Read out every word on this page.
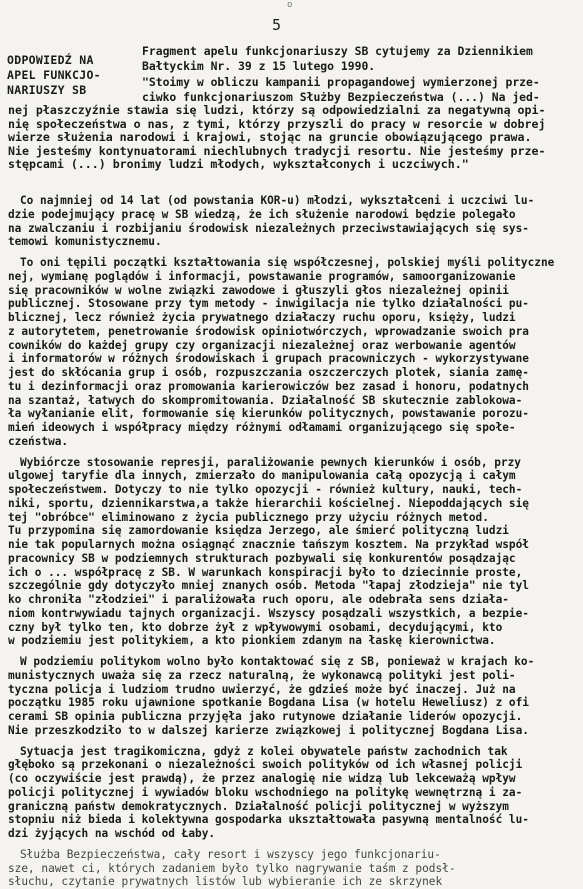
o
5
ODPOWIEDŹ NA
APEL FUNKCJO-
NARIUSZY SB
Fragment apelu funkcjonariuszy SB cytujemy za Dziennikiem
Bałtyckim Nr. 39 z 15 lutego 1990.
"Stoimy w obliczu kampanii propagandowej wymierzonej prze-
ciwko funkcjonariuszom Służby Bezpieczeństwa (...) Na jed-
nej płaszczyźnie stawia się ludzi, którzy są odpowiedzialni za negatywną opi-
nię społeczeństwa o nas, z tymi, którzy przyszli do pracy w resorcie w dobrej
wierze służenia narodowi i krajowi, stojąc na gruncie obowiązującego prawa.
Nie jesteśmy kontynuatorami niechlubnych tradycji resortu. Nie jesteśmy prze-
stępcami (...) bronimy ludzi młodych, wykształconych i uczciwych."
Co najmniej od 14 lat (od powstania KOR-u) młodzi, wykształceni i uczciwi lu-
dzie podejmujący pracę w SB wiedzą, że ich służenie narodowi będzie polegało
na zwalczaniu i rozbijaniu środowisk niezależnych przeciwstawiających się sys-
temowi komunistycznemu.
To oni tępili początki kształtowania się współczesnej, polskiej myśli polityczne
nej, wymianę poglądów i informacji, powstawanie programów, samoorganizowanie
się pracowników w wolne związki zawodowe i głuszyli głos niezależnej opinii
publicznej. Stosowane przy tym metody - inwigilacja nie tylko działalności pu-
blicznej, lecz również życia prywatnego działaczy ruchu oporu, księży, ludzi
z autorytetem, penetrowanie środowisk opiniotwórczych, wprowadzanie swoich pra
cowników do każdej grupy czy organizacji niezależnej oraz werbowanie agentów
i informatorów w różnych środowiskach i grupach pracowniczych - wykorzystywane
jest do skłócania grup i osób, rozpuszczania oszczerczych plotek, siania zamę-
tu i dezinformacji oraz promowania karierowiczów bez zasad i honoru, podatnych
na szantaż, łatwych do skompromitowania. Działalność SB skutecznie zablokowa-
ła wyłanianie elit, formowanie się kierunków politycznych, powstawanie porozu-
mień ideowych i współpracy między różnymi odłamami organizującego się społe-
czeństwa.
Wybiórcze stosowanie represji, paraliżowanie pewnych kierunków i osób, przy
ulgowej taryfie dla innych, zmierzało do manipulowania całą opozycją i całym
społeczeństwem. Dotyczy to nie tylko opozycji - również kultury, nauki, tech-
niki, sportu, dziennikarstwa,a także hierarchii kościelnej. Niepoddających się
tej "obróbce" eliminowano z życia publicznego przy użyciu różnych metod.
Tu przypomina się zamordowanie księdza Jerzego, ale śmierć polityczną ludzi
nie tak popularnych można osiągnąć znacznie tańszym kosztem. Na przykład współ
pracownicy SB w podziemnych strukturach pozbywali się konkurentów posądzając
ich o ... współpracę z SB. W warunkach konspiracji było to dziecinnie proste,
szczególnie gdy dotyczyło mniej znanych osób. Metoda "łapaj złodzieja" nie tyl
ko chroniła "złodziei" i paraliżowała ruch oporu, ale odebrała sens działa-
niom kontrwywiadu tajnych organizacji. Wszyscy posądzali wszystkich, a bezpie-
czny był tylko ten, kto dobrze żył z wpływowymi osobami, decydującymi, kto
w podziemiu jest politykiem, a kto pionkiem zdanym na łaskę kierownictwa.
W podziemiu politykom wolno było kontaktować się z SB, ponieważ w krajach ko-
munistycznych uważa się za rzecz naturalną, że wykonawcą polityki jest poli-
tyczna policja i ludziom trudno uwierzyć, że gdzieś może być inaczej. Już na
początku 1985 roku ujawnione spotkanie Bogdana Lisa (w hotelu Heweliusz) z ofi
cerami SB opinia publiczna przyjęła jako rutynowe działanie liderów opozycji.
Nie przeszkodziło to w dalszej karierze związkowej i politycznej Bogdana Lisa.
Sytuacja jest tragikomiczna, gdyż z kolei obywatele państw zachodnich tak
głęboko są przekonani o niezależności swoich polityków od ich własnej policji
(co oczywiście jest prawdą), że przez analogię nie widzą lub lekceważą wpływ
policji politycznej i wywiadów bloku wschodniego na politykę wewnętrzną i za-
graniczną państw demokratycznych. Działalność policji politycznej w wyższym
stopniu niż bieda i kolektywna gospodarka ukształtowała pasywną mentalność lu-
dzi żyjących na wschód od Łaby.
Służba Bezpieczeństwa, cały resort i wszyscy jego funkcjonariu-
sze, nawet ci, których zadaniem było tylko nagrywanie taśm z podsł-
słuchu, czytanie prywatnych listów lub wybieranie ich ze skrzynek
